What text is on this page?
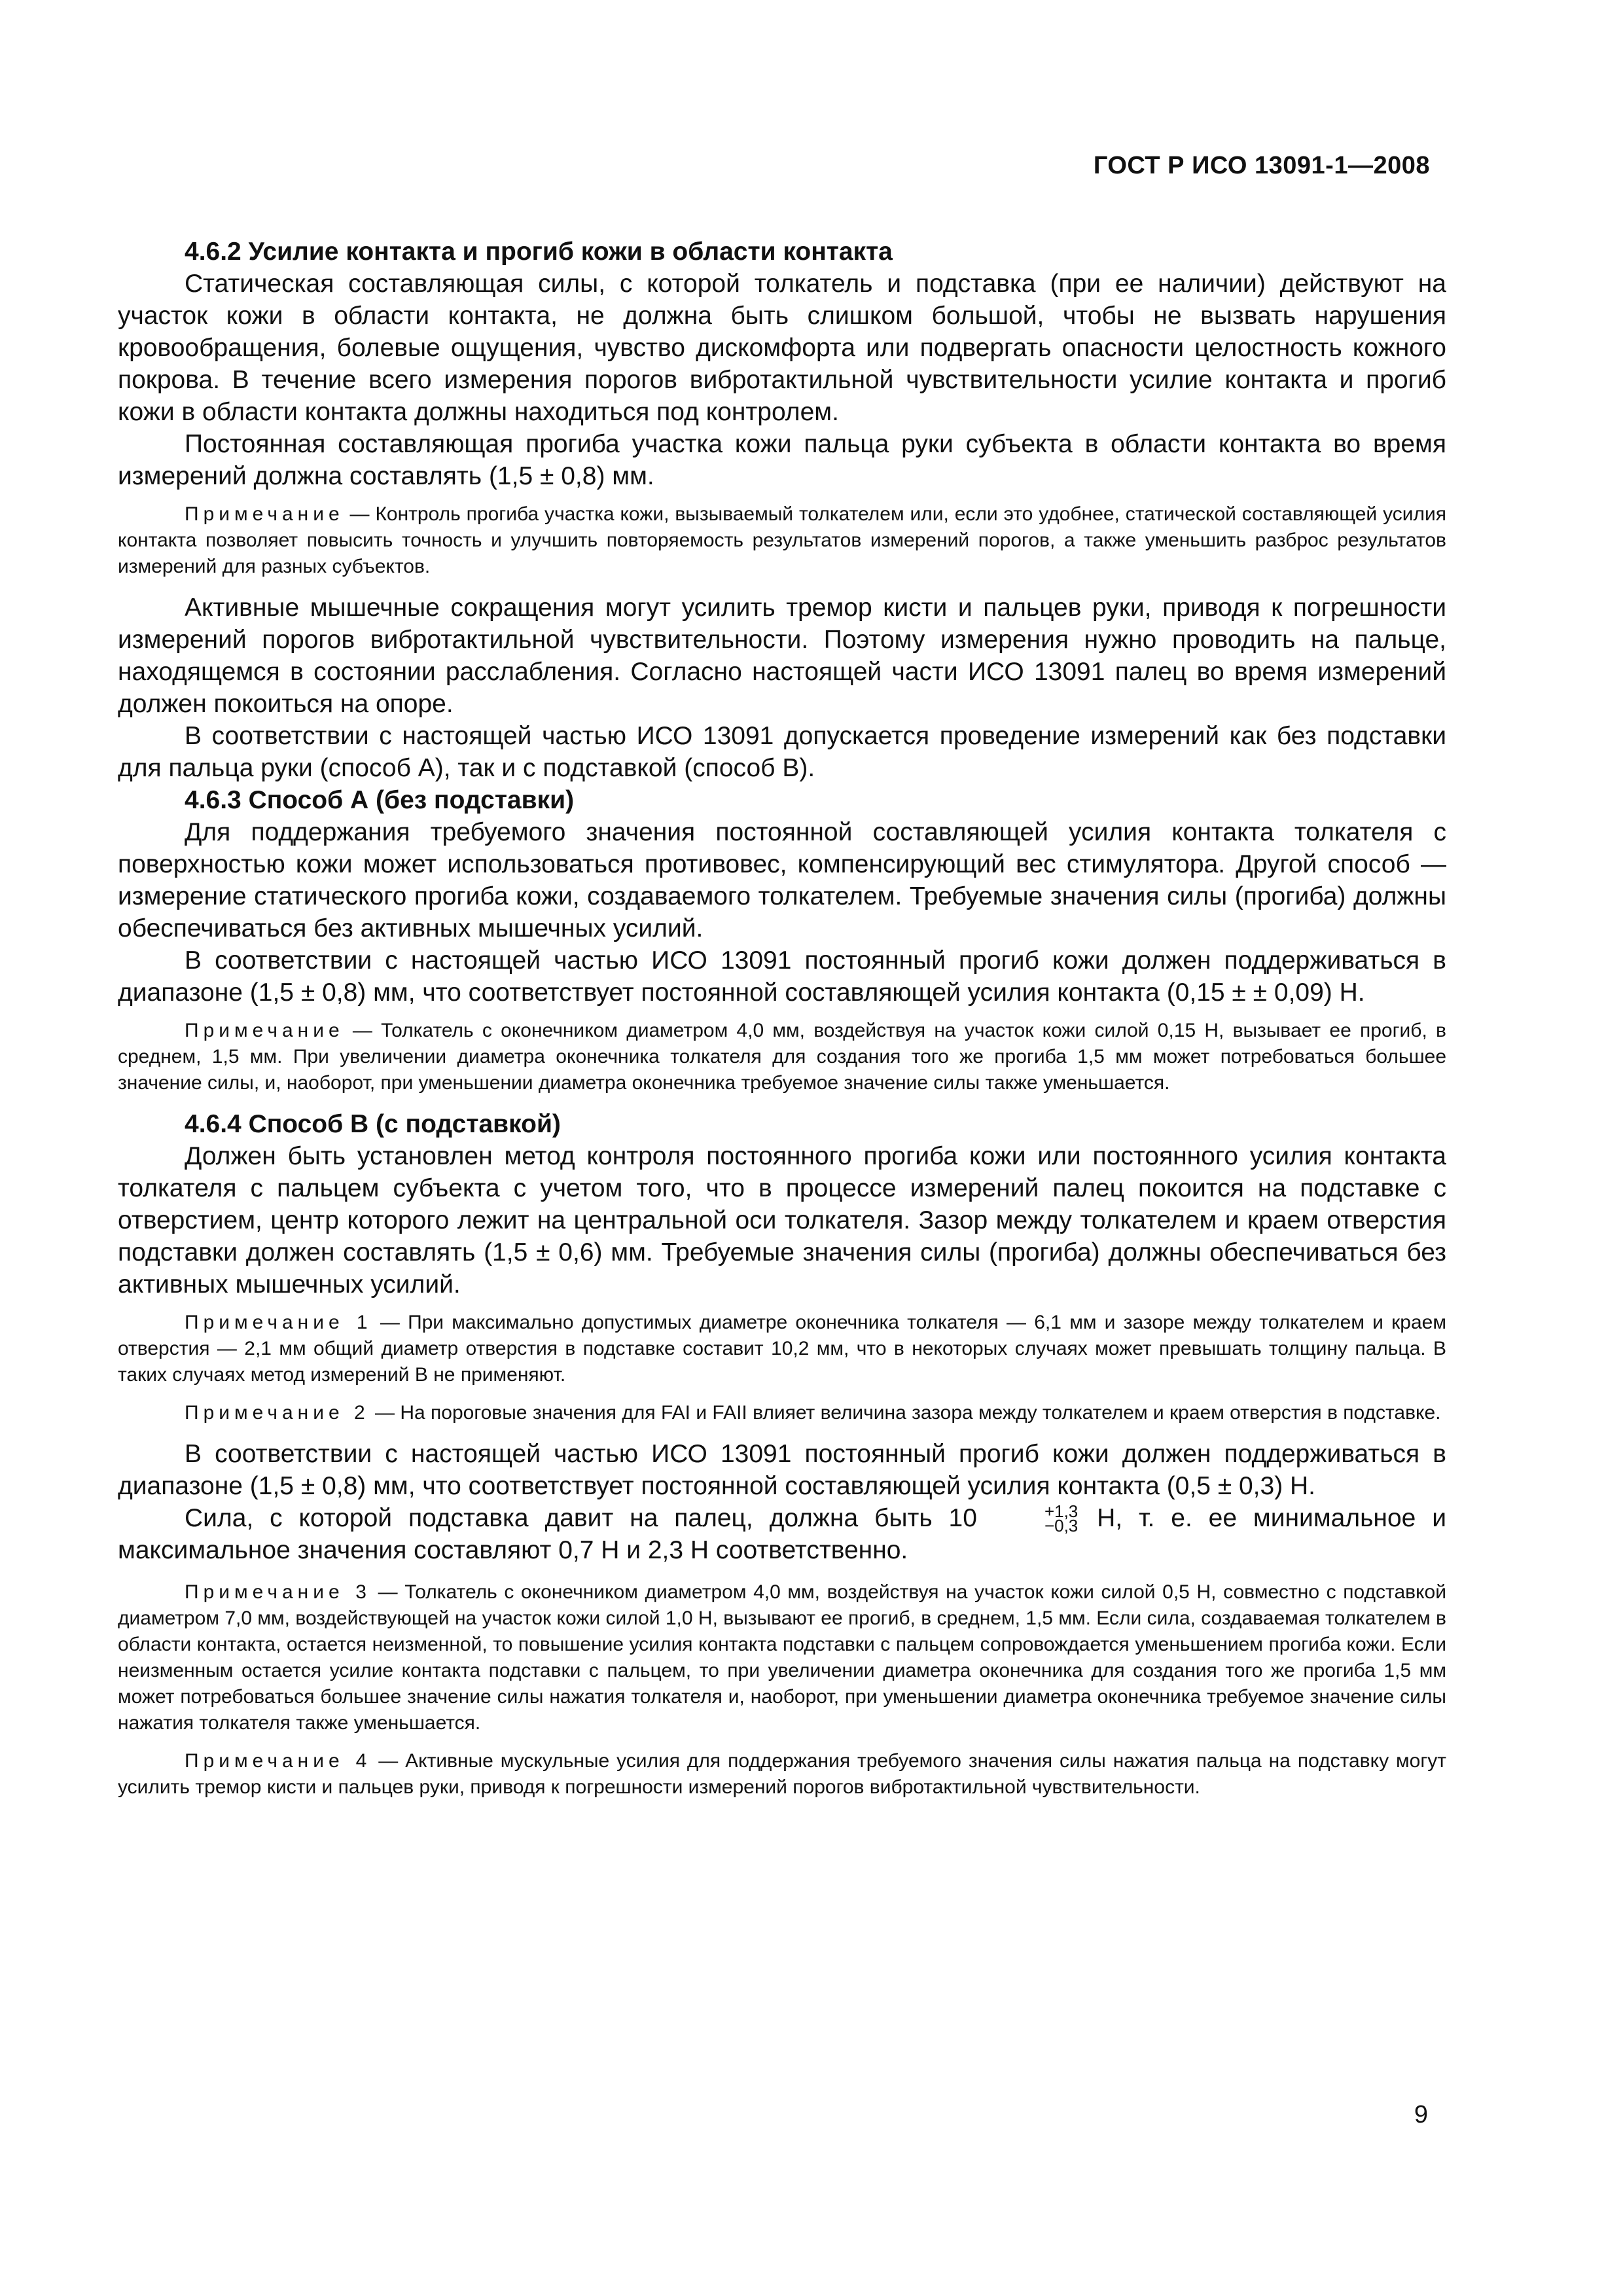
ГОСТ Р ИСО 13091-1—2008

4.6.2 Усилие контакта и прогиб кожи в области контакта

Статическая составляющая силы, с которой толкатель и подставка (при ее наличии) действуют на участок кожи в области контакта, не должна быть слишком большой, чтобы не вызвать нарушения кровообращения, болевые ощущения, чувство дискомфорта или подвергать опасности целостность кожного покрова. В течение всего измерения порогов вибротактильной чувствительности усилие контакта и прогиб кожи в области контакта должны находиться под контролем.

Постоянная составляющая прогиба участка кожи пальца руки субъекта в области контакта во время измерений должна составлять (1,5 ± 0,8) мм.

Примечание — Контроль прогиба участка кожи, вызываемый толкателем или, если это удобнее, статической составляющей усилия контакта позволяет повысить точность и улучшить повторяемость результатов измерений порогов, а также уменьшить разброс результатов измерений для разных субъектов.

Активные мышечные сокращения могут усилить тремор кисти и пальцев руки, приводя к погрешности измерений порогов вибротактильной чувствительности. Поэтому измерения нужно проводить на пальце, находящемся в состоянии расслабления. Согласно настоящей части ИСО 13091 палец во время измерений должен покоиться на опоре.

В соответствии с настоящей частью ИСО 13091 допускается проведение измерений как без подставки для пальца руки (способ А), так и с подставкой (способ В).

4.6.3 Способ А (без подставки)

Для поддержания требуемого значения постоянной составляющей усилия контакта толкателя с поверхностью кожи может использоваться противовес, компенсирующий вес стимулятора. Другой способ — измерение статического прогиба кожи, создаваемого толкателем. Требуемые значения силы (прогиба) должны обеспечиваться без активных мышечных усилий.

В соответствии с настоящей частью ИСО 13091 постоянный прогиб кожи должен поддерживаться в диапазоне (1,5 ± 0,8) мм, что соответствует постоянной составляющей усилия контакта (0,15 ± ± 0,09) Н.

Примечание — Толкатель с оконечником диаметром 4,0 мм, воздействуя на участок кожи силой 0,15 Н, вызывает ее прогиб, в среднем, 1,5 мм. При увеличении диаметра оконечника толкателя для создания того же прогиба 1,5 мм может потребоваться большее значение силы, и, наоборот, при уменьшении диаметра оконечника требуемое значение силы также уменьшается.

4.6.4 Способ В (с подставкой)

Должен быть установлен метод контроля постоянного прогиба кожи или постоянного усилия контакта толкателя с пальцем субъекта с учетом того, что в процессе измерений палец покоится на подставке с отверстием, центр которого лежит на центральной оси толкателя. Зазор между толкателем и краем отверстия подставки должен составлять (1,5 ± 0,6) мм. Требуемые значения силы (прогиба) должны обеспечиваться без активных мышечных усилий.

Примечание 1 — При максимально допустимых диаметре оконечника толкателя — 6,1 мм и зазоре между толкателем и краем отверстия — 2,1 мм общий диаметр отверстия в подставке составит 10,2 мм, что в некоторых случаях может превышать толщину пальца. В таких случаях метод измерений В не применяют.

Примечание 2 — На пороговые значения для FAI и FAII влияет величина зазора между толкателем и краем отверстия в подставке.

В соответствии с настоящей частью ИСО 13091 постоянный прогиб кожи должен поддерживаться в диапазоне (1,5 ± 0,8) мм, что соответствует постоянной составляющей усилия контакта (0,5 ± 0,3) Н.

Сила, с которой подставка давит на палец, должна быть 10	+1,3
−0,3 Н, т. е. ее минимальное и максимальное значения составляют 0,7 Н и 2,3 Н соответственно.

Примечание 3 — Толкатель с оконечником диаметром 4,0 мм, воздействуя на участок кожи силой 0,5 Н, совместно с подставкой диаметром 7,0 мм, воздействующей на участок кожи силой 1,0 Н, вызывают ее прогиб, в среднем, 1,5 мм. Если сила, создаваемая толкателем в области контакта, остается неизменной, то повышение усилия контакта подставки с пальцем сопровождается уменьшением прогиба кожи. Если неизменным остается усилие контакта подставки с пальцем, то при увеличении диаметра оконечника для создания того же прогиба 1,5 мм может потребоваться большее значение силы нажатия толкателя и, наоборот, при уменьшении диаметра оконечника требуемое значение силы нажатия толкателя также уменьшается.

Примечание 4 — Активные мускульные усилия для поддержания требуемого значения силы нажатия пальца на подставку могут усилить тремор кисти и пальцев руки, приводя к погрешности измерений порогов вибротактильной чувствительности.

9
